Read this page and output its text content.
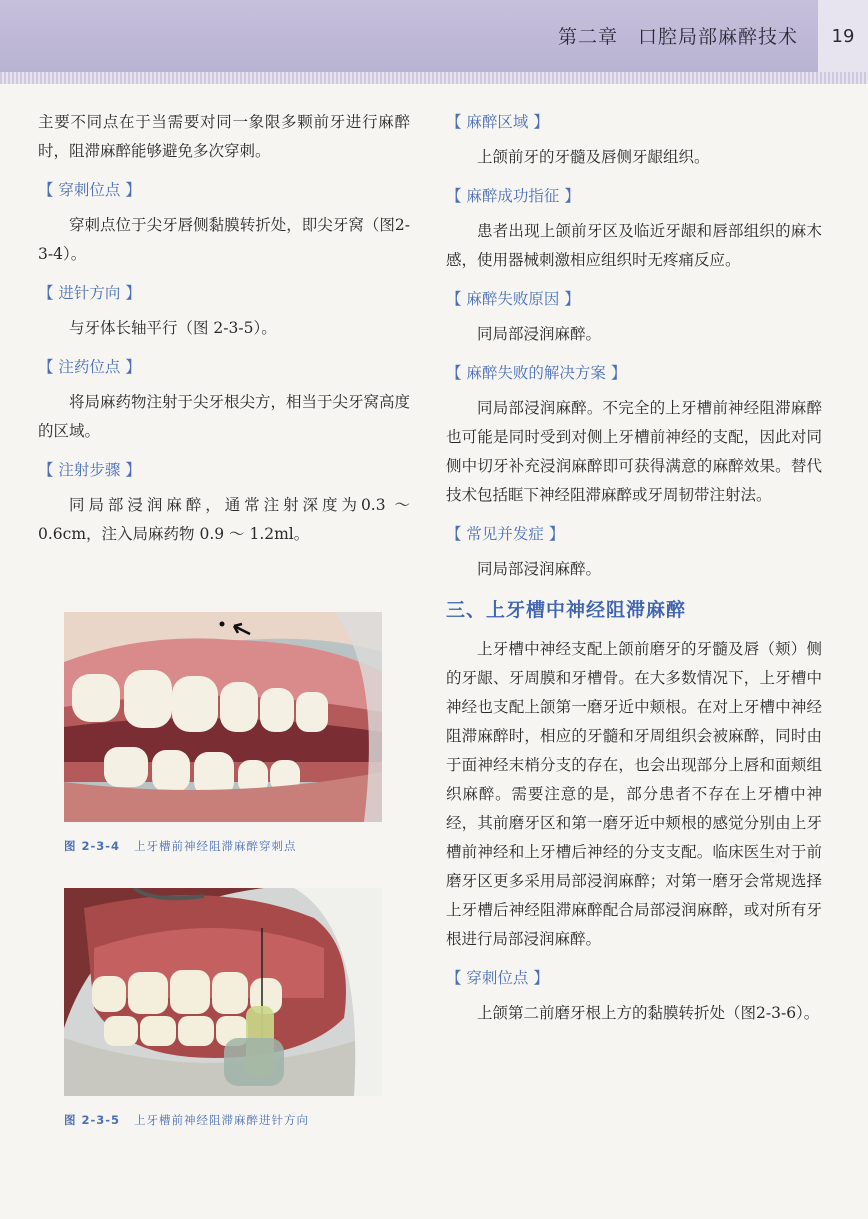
第二章　口腔局部麻醉技术	19

主要不同点在于当需要对同一象限多颗前牙进行麻醉时，阻滞麻醉能够避免多次穿刺。

【 穿刺位点 】

穿刺点位于尖牙唇侧黏膜转折处，即尖牙窝（图2-3-4）。

【 进针方向 】

与牙体长轴平行（图 2-3-5）。

【 注药位点 】

将局麻药物注射于尖牙根尖方，相当于尖牙窝高度的区域。

【 注射步骤 】

同局部浸润麻醉，通常注射深度为0.3 ～ 0.6cm，注入局麻药物 0.9 ～ 1.2ml。

图 2-3-4 上牙槽前神经阻滞麻醉穿刺点
图 2-3-5 上牙槽前神经阻滞麻醉进针方向

【 麻醉区域 】

上颌前牙的牙髓及唇侧牙龈组织。

【 麻醉成功指征 】

患者出现上颌前牙区及临近牙龈和唇部组织的麻木感，使用器械刺激相应组织时无疼痛反应。

【 麻醉失败原因 】

同局部浸润麻醉。

【 麻醉失败的解决方案 】

同局部浸润麻醉。不完全的上牙槽前神经阻滞麻醉也可能是同时受到对侧上牙槽前神经的支配，因此对同侧中切牙补充浸润麻醉即可获得满意的麻醉效果。替代技术包括眶下神经阻滞麻醉或牙周韧带注射法。

【 常见并发症 】

同局部浸润麻醉。

三、上牙槽中神经阻滞麻醉

上牙槽中神经支配上颌前磨牙的牙髓及唇（颊）侧的牙龈、牙周膜和牙槽骨。在大多数情况下，上牙槽中神经也支配上颌第一磨牙近中颊根。在对上牙槽中神经阻滞麻醉时，相应的牙髓和牙周组织会被麻醉，同时由于面神经末梢分支的存在，也会出现部分上唇和面颊组织麻醉。需要注意的是，部分患者不存在上牙槽中神经，其前磨牙区和第一磨牙近中颊根的感觉分别由上牙槽前神经和上牙槽后神经的分支支配。临床医生对于前磨牙区更多采用局部浸润麻醉；对第一磨牙会常规选择上牙槽后神经阻滞麻醉配合局部浸润麻醉，或对所有牙根进行局部浸润麻醉。

【 穿刺位点 】

上颌第二前磨牙根上方的黏膜转折处（图2-3-6）。
